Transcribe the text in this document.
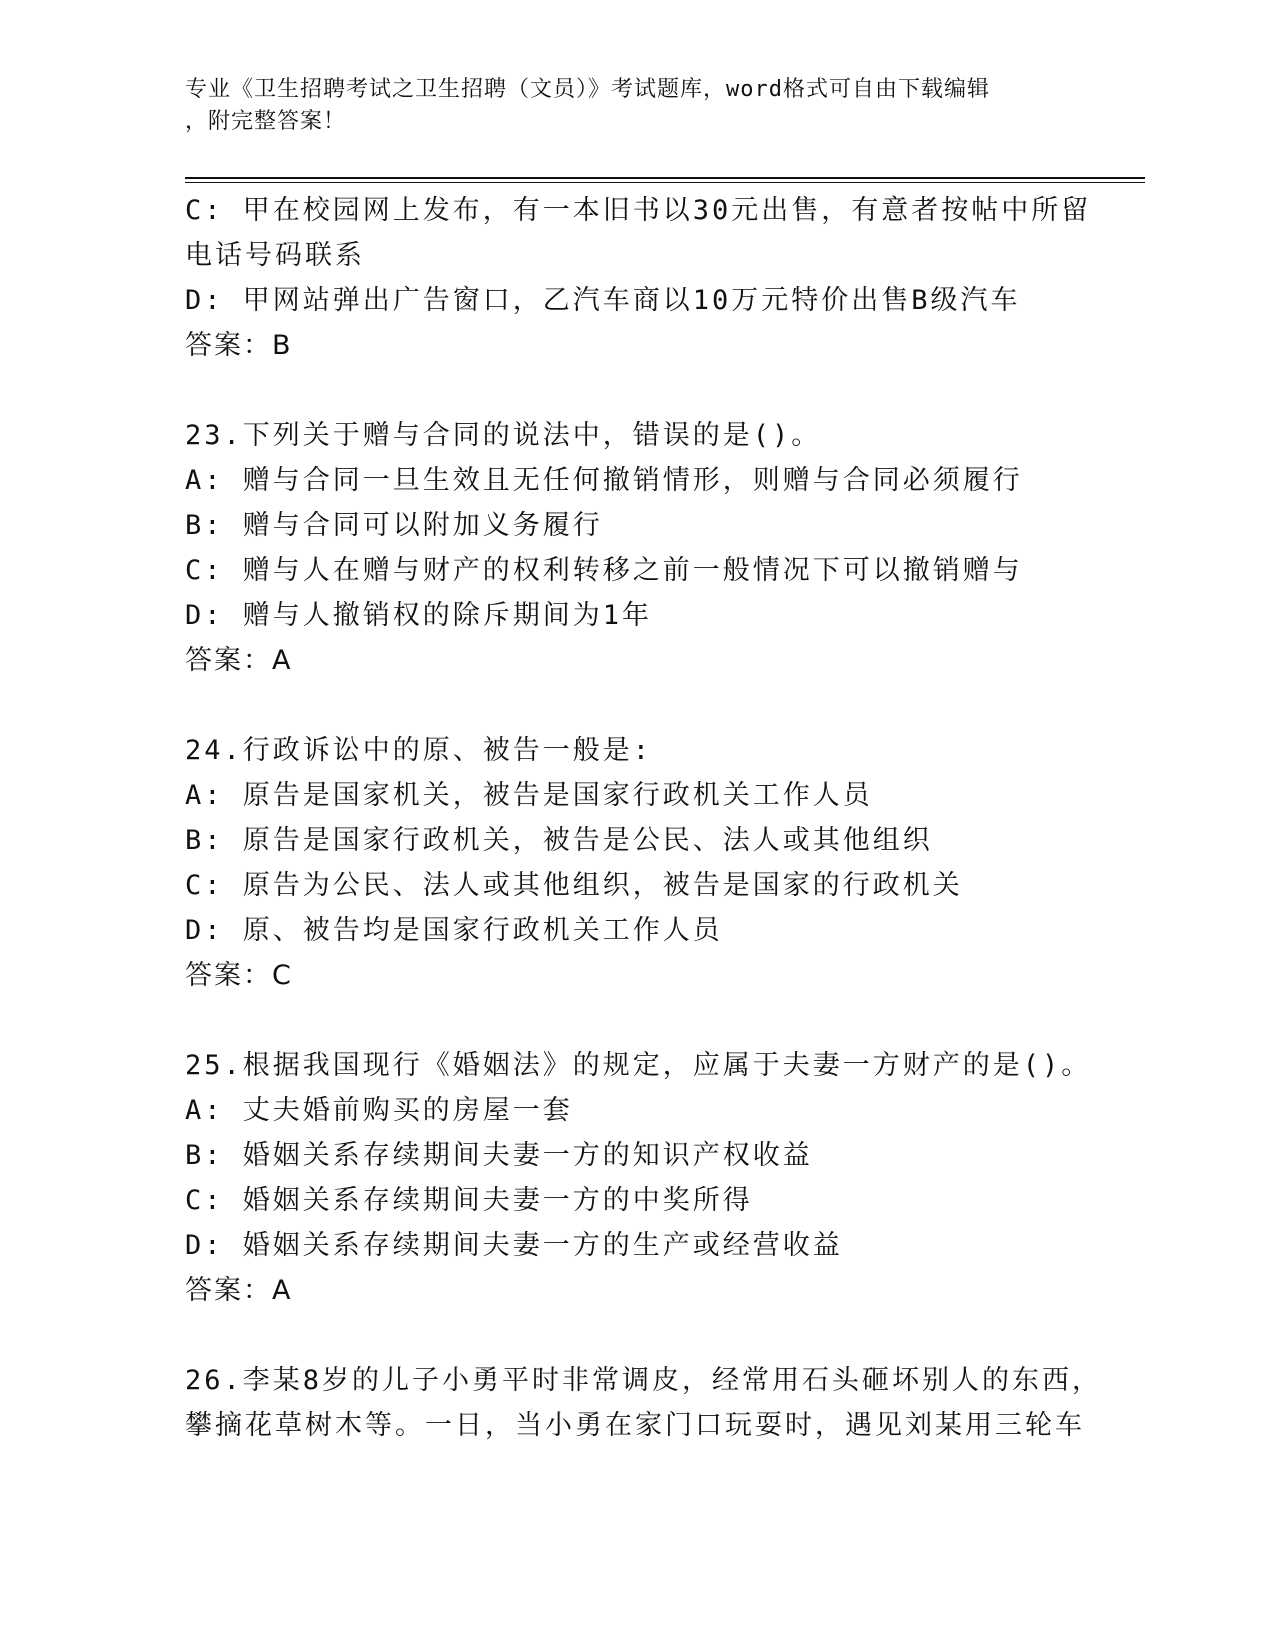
专业《卫生招聘考试之卫生招聘（文员）》考试题库，word格式可自由下载编辑
，附完整答案！
C: 甲在校园网上发布，有一本旧书以30元出售，有意者按帖中所留
电话号码联系
D: 甲网站弹出广告窗口，乙汽车商以10万元特价出售B级汽车
答案：B
23.下列关于赠与合同的说法中，错误的是()。
A: 赠与合同一旦生效且无任何撤销情形，则赠与合同必须履行
B: 赠与合同可以附加义务履行
C: 赠与人在赠与财产的权利转移之前一般情况下可以撤销赠与
D: 赠与人撤销权的除斥期间为1年
答案：A
24.行政诉讼中的原、被告一般是:
A: 原告是国家机关，被告是国家行政机关工作人员
B: 原告是国家行政机关，被告是公民、法人或其他组织
C: 原告为公民、法人或其他组织，被告是国家的行政机关
D: 原、被告均是国家行政机关工作人员
答案：C
25.根据我国现行《婚姻法》的规定，应属于夫妻一方财产的是()。
A: 丈夫婚前购买的房屋一套
B: 婚姻关系存续期间夫妻一方的知识产权收益
C: 婚姻关系存续期间夫妻一方的中奖所得
D: 婚姻关系存续期间夫妻一方的生产或经营收益
答案：A
26.李某8岁的儿子小勇平时非常调皮，经常用石头砸坏别人的东西，
攀摘花草树木等。一日，当小勇在家门口玩耍时，遇见刘某用三轮车
